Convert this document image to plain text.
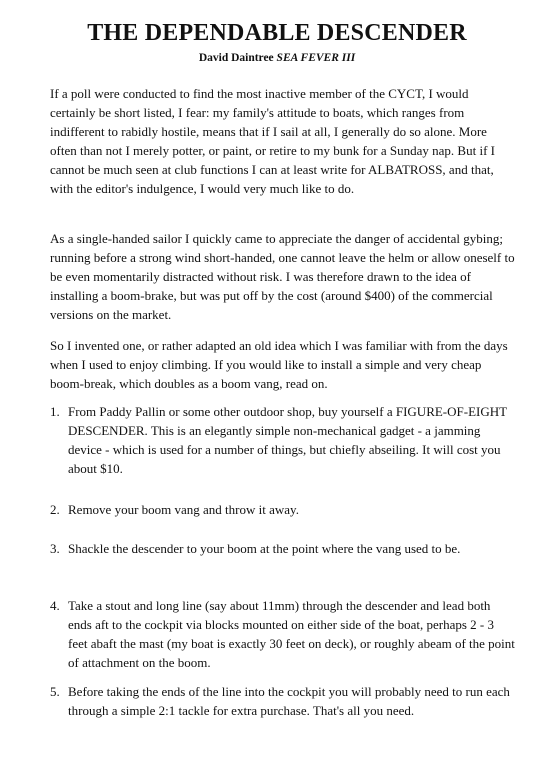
THE DEPENDABLE DESCENDER
David Daintree SEA FEVER III

If a poll were conducted to find the most inactive member of the CYCT, I would certainly be short listed, I fear: my family's attitude to boats, which ranges from indifferent to rabidly hostile, means that if I sail at all, I generally do so alone. More often than not I merely potter, or paint, or retire to my bunk for a Sunday nap. But if I cannot be much seen at club functions I can at least write for ALBATROSS, and that, with the editor's indulgence, I would very much like to do.

As a single-handed sailor I quickly came to appreciate the danger of accidental gybing; running before a strong wind short-handed, one cannot leave the helm or allow oneself to be even momentarily distracted without risk. I was therefore drawn to the idea of installing a boom-brake, but was put off by the cost (around $400) of the commercial versions on the market.

So I invented one, or rather adapted an old idea which I was familiar with from the days when I used to enjoy climbing. If you would like to install a simple and very cheap boom-break, which doubles as a boom vang, read on.

1. From Paddy Pallin or some other outdoor shop, buy yourself a FIGURE-OF-EIGHT DESCENDER. This is an elegantly simple non-mechanical gadget - a jamming device - which is used for a number of things, but chiefly abseiling. It will cost you about $10.
2. Remove your boom vang and throw it away.
3. Shackle the descender to your boom at the point where the vang used to be.
4. Take a stout and long line (say about 11mm) through the descender and lead both ends aft to the cockpit via blocks mounted on either side of the boat, perhaps 2 - 3 feet abaft the mast (my boat is exactly 30 feet on deck), or roughly abeam of the point of attachment on the boom.
5. Before taking the ends of the line into the cockpit you will probably need to run each through a simple 2:1 tackle for extra purchase. That's all you need.
